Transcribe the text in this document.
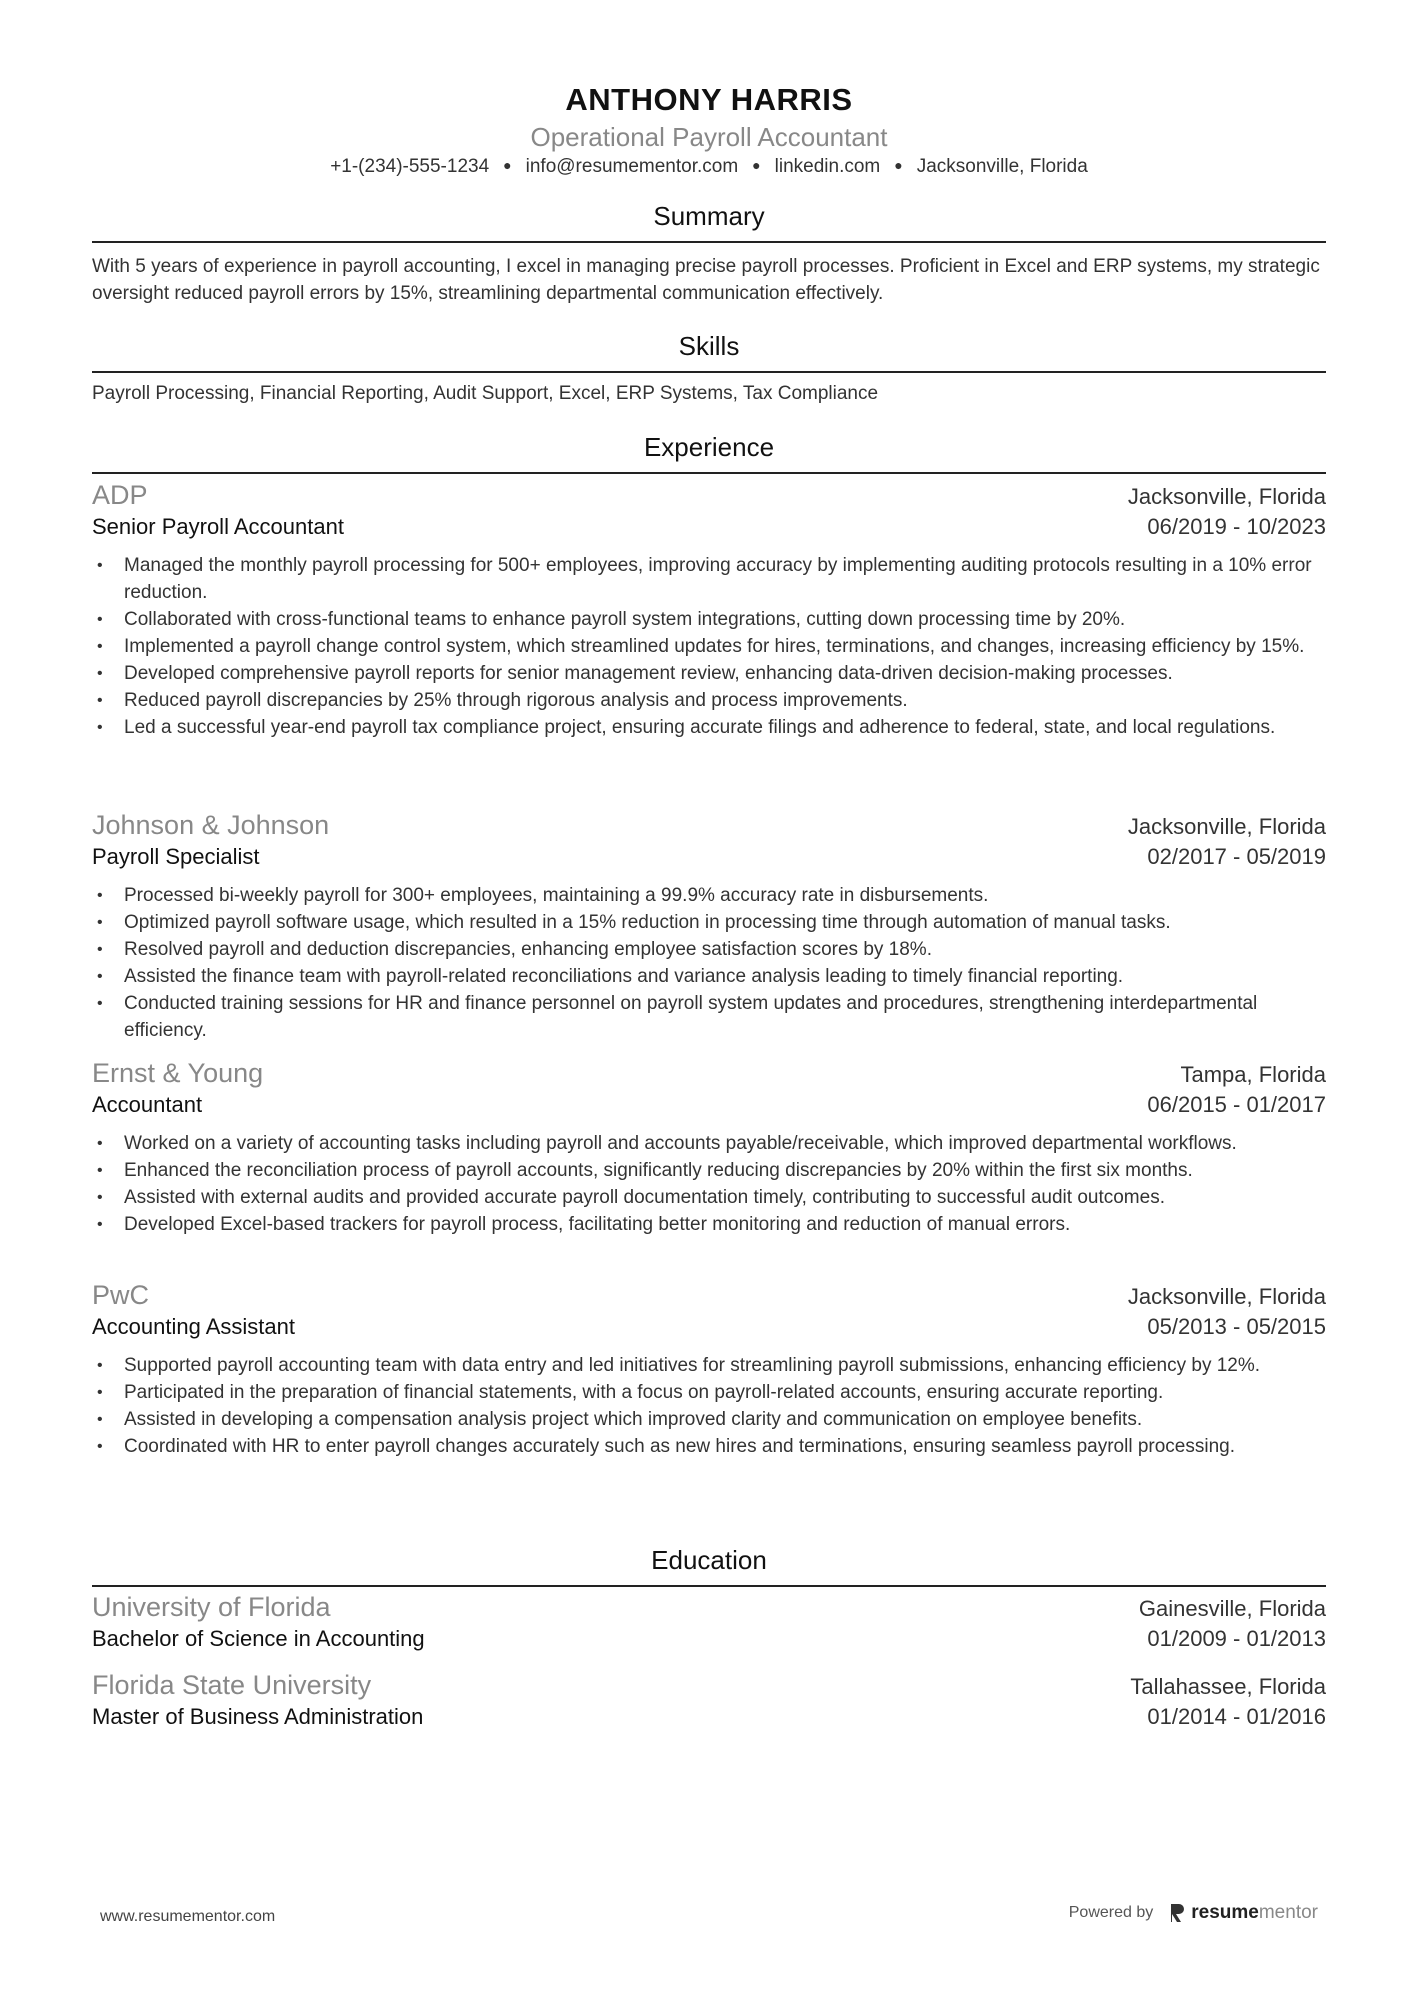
ANTHONY HARRIS
Operational Payroll Accountant
+1-(234)-555-1234 ● info@resumementor.com ● linkedin.com ● Jacksonville, Florida
Summary
With 5 years of experience in payroll accounting, I excel in managing precise payroll processes. Proficient in Excel and ERP systems, my strategic oversight reduced payroll errors by 15%, streamlining departmental communication effectively.
Skills
Payroll Processing, Financial Reporting, Audit Support, Excel, ERP Systems, Tax Compliance
Experience
ADP	Jacksonville, Florida
Senior Payroll Accountant	06/2019 - 10/2023
• Managed the monthly payroll processing for 500+ employees, improving accuracy by implementing auditing protocols resulting in a 10% error reduction.
• Collaborated with cross-functional teams to enhance payroll system integrations, cutting down processing time by 20%.
• Implemented a payroll change control system, which streamlined updates for hires, terminations, and changes, increasing efficiency by 15%.
• Developed comprehensive payroll reports for senior management review, enhancing data-driven decision-making processes.
• Reduced payroll discrepancies by 25% through rigorous analysis and process improvements.
• Led a successful year-end payroll tax compliance project, ensuring accurate filings and adherence to federal, state, and local regulations.
Johnson & Johnson	Jacksonville, Florida
Payroll Specialist	02/2017 - 05/2019
• Processed bi-weekly payroll for 300+ employees, maintaining a 99.9% accuracy rate in disbursements.
• Optimized payroll software usage, which resulted in a 15% reduction in processing time through automation of manual tasks.
• Resolved payroll and deduction discrepancies, enhancing employee satisfaction scores by 18%.
• Assisted the finance team with payroll-related reconciliations and variance analysis leading to timely financial reporting.
• Conducted training sessions for HR and finance personnel on payroll system updates and procedures, strengthening interdepartmental efficiency.
Ernst & Young	Tampa, Florida
Accountant	06/2015 - 01/2017
• Worked on a variety of accounting tasks including payroll and accounts payable/receivable, which improved departmental workflows.
• Enhanced the reconciliation process of payroll accounts, significantly reducing discrepancies by 20% within the first six months.
• Assisted with external audits and provided accurate payroll documentation timely, contributing to successful audit outcomes.
• Developed Excel-based trackers for payroll process, facilitating better monitoring and reduction of manual errors.
PwC	Jacksonville, Florida
Accounting Assistant	05/2013 - 05/2015
• Supported payroll accounting team with data entry and led initiatives for streamlining payroll submissions, enhancing efficiency by 12%.
• Participated in the preparation of financial statements, with a focus on payroll-related accounts, ensuring accurate reporting.
• Assisted in developing a compensation analysis project which improved clarity and communication on employee benefits.
• Coordinated with HR to enter payroll changes accurately such as new hires and terminations, ensuring seamless payroll processing.
Education
University of Florida	Gainesville, Florida
Bachelor of Science in Accounting	01/2009 - 01/2013
Florida State University	Tallahassee, Florida
Master of Business Administration	01/2014 - 01/2016
www.resumementor.com	Powered by resumementor
